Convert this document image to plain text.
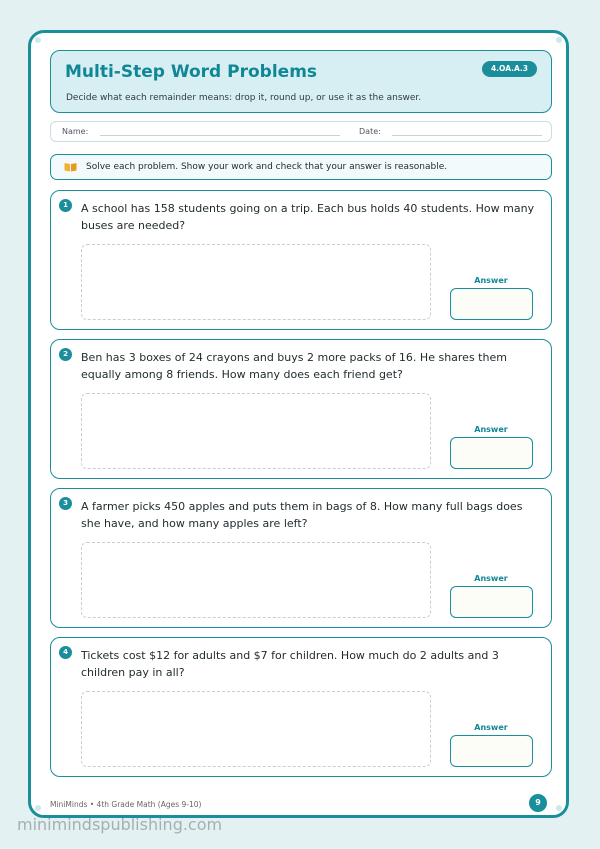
Multi-Step Word Problems
Decide what each remainder means: drop it, round up, or use it as the answer.
4.OA.A.3
Name:	Date:
Solve each problem. Show your work and check that your answer is reasonable.
1	A school has 158 students going on a trip. Each bus holds 40 students. How many buses are needed?
Answer
2	Ben has 3 boxes of 24 crayons and buys 2 more packs of 16. He shares them equally among 8 friends. How many does each friend get?
Answer
3	A farmer picks 450 apples and puts them in bags of 8. How many full bags does she have, and how many apples are left?
Answer
4	Tickets cost $12 for adults and $7 for children. How much do 2 adults and 3 children pay in all?
Answer
MiniMinds • 4th Grade Math (Ages 9-10)	9
minimindspublishing.com
